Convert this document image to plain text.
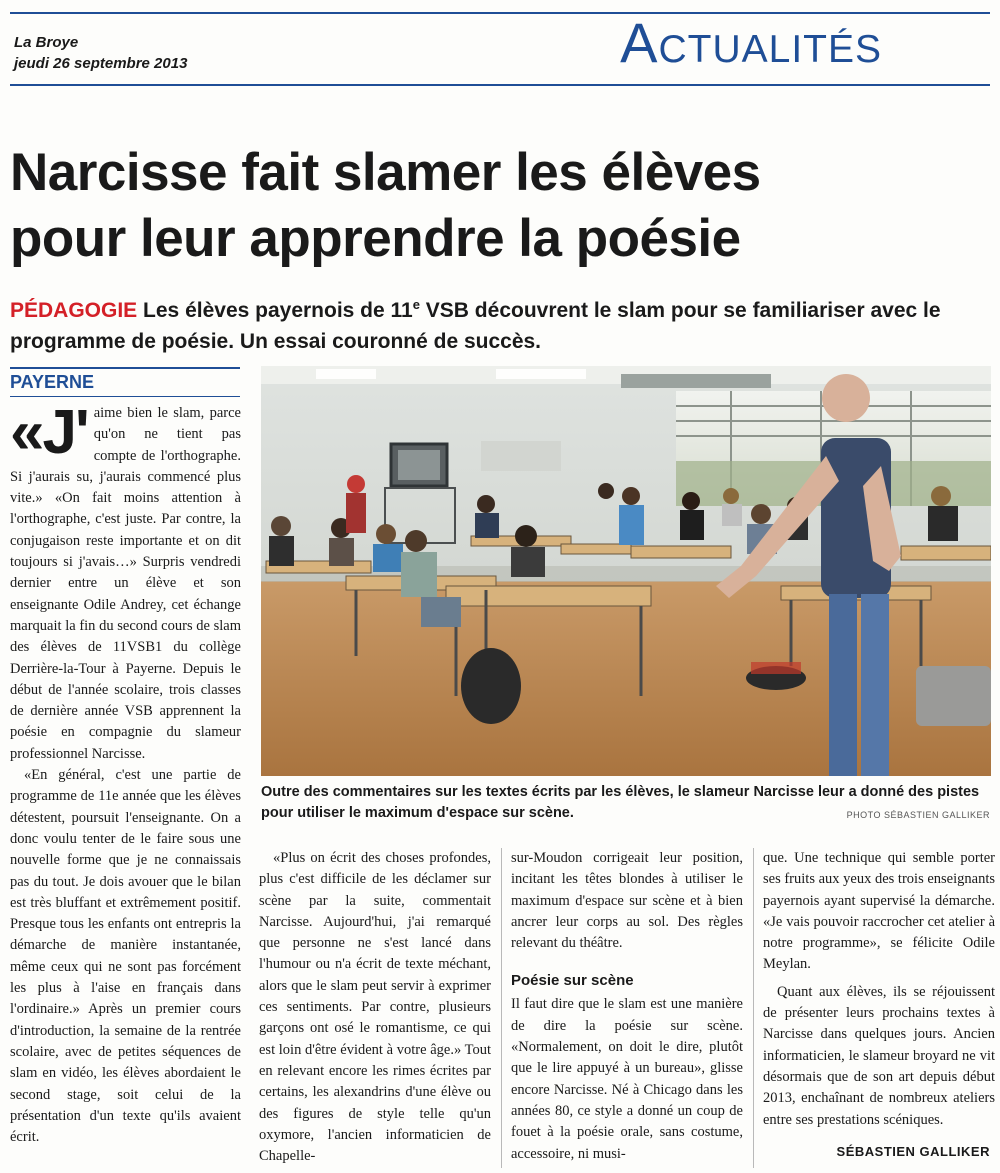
La Broye
jeudi 26 septembre 2013	Actualités
Narcisse fait slamer les élèves
pour leur apprendre la poésie
PÉDAGOGIE Les élèves payernois de 11e VSB découvrent le slam pour se familiariser avec le programme de poésie. Un essai couronné de succès.
PAYERNE

«J' aime bien le slam, parce qu'on ne tient pas compte de l'orthographe. Si j'aurais su, j'aurais commencé plus vite.» «On fait moins attention à l'orthographe, c'est juste. Par contre, la conjugaison reste importante et on dit toujours si j'avais…» Surpris vendredi dernier entre un élève et son enseignante Odile Andrey, cet échange marquait la fin du second cours de slam des élèves de 11VSB1 du collège Derrière-la-Tour à Payerne. Depuis le début de l'année scolaire, trois classes de dernière année VSB apprennent la poésie en compagnie du slameur professionnel Narcisse.

«En général, c'est une partie de programme de 11e année que les élèves détestent, poursuit l'enseignante. On a donc voulu tenter de le faire sous une nouvelle forme que je ne connaissais pas du tout. Je dois avouer que le bilan est très bluffant et extrêmement positif. Presque tous les enfants ont entrepris la démarche de manière instantanée, même ceux qui ne sont pas forcément les plus à l'aise en français dans l'ordinaire.» Après un premier cours d'introduction, la semaine de la rentrée scolaire, avec de petites séquences de slam en vidéo, les élèves abordaient le second stage, soit celui de la présentation d'un texte qu'ils avaient écrit.

Outre des commentaires sur les textes écrits par les élèves, le slameur Narcisse leur a donné des pistes pour utiliser le maximum d'espace sur scène.	PHOTO SÉBASTIEN GALLIKER

«Plus on écrit des choses profondes, plus c'est difficile de les déclamer sur scène par la suite, commentait Narcisse. Aujourd'hui, j'ai remarqué que personne ne s'est lancé dans l'humour ou n'a écrit de texte méchant, alors que le slam peut servir à exprimer ces sentiments. Par contre, plusieurs garçons ont osé le romantisme, ce qui est loin d'être évident à votre âge.» Tout en relevant encore les rimes écrites par certains, les alexandrins d'une élève ou des figures de style telle qu'un oxymore, l'ancien informaticien de Chapelle-

sur-Moudon corrigeait leur position, incitant les têtes blondes à utiliser le maximum d'espace sur scène et à bien ancrer leur corps au sol. Des règles relevant du théâtre.

Poésie sur scène

Il faut dire que le slam est une manière de dire la poésie sur scène. «Normalement, on doit le dire, plutôt que le lire appuyé à un bureau», glisse encore Narcisse. Né à Chicago dans les années 80, ce style a donné un coup de fouet à la poésie orale, sans costume, accessoire, ni musi-

que. Une technique qui semble porter ses fruits aux yeux des trois enseignants payernois ayant supervisé la démarche. «Je vais pouvoir raccrocher cet atelier à notre programme», se félicite Odile Meylan.

Quant aux élèves, ils se réjouissent de présenter leurs prochains textes à Narcisse dans quelques jours. Ancien informaticien, le slameur broyard ne vit désormais que de son art depuis début 2013, enchaînant de nombreux ateliers entre ses prestations scéniques.

SÉBASTIEN GALLIKER
